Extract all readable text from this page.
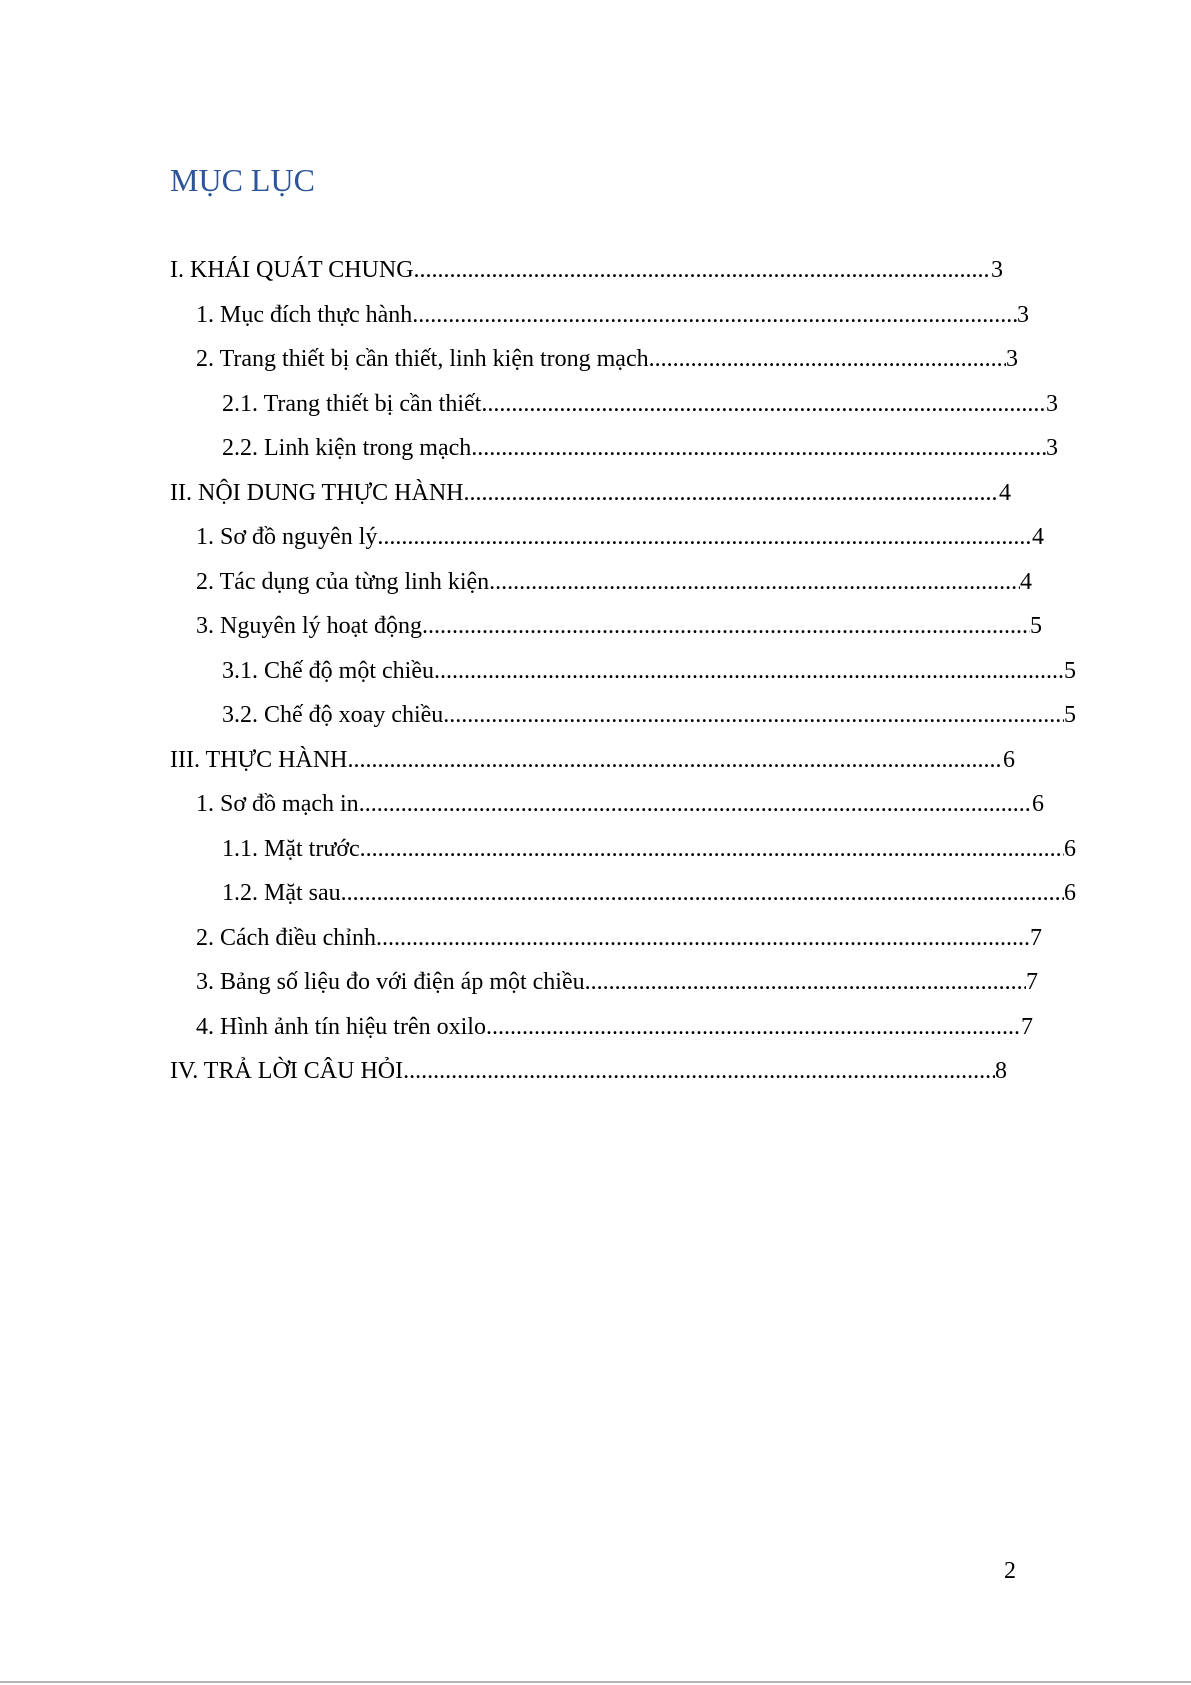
MỤC LỤC
I. KHÁI QUÁT CHUNG .....	3
1. Mục đích thực hành .....	3
2. Trang thiết bị cần thiết, linh kiện trong mạch .....	3
2.1. Trang thiết bị cần thiết .....	3
2.2. Linh kiện trong mạch .....	3
II. NỘI DUNG THỰC HÀNH .....	4
1. Sơ đồ nguyên lý .....	4
2. Tác dụng của từng linh kiện .....	4
3. Nguyên lý hoạt động .....	5
3.1. Chế độ một chiều .....	5
3.2. Chế độ xoay chiều .....	5
III. THỰC HÀNH .....	6
1. Sơ đồ mạch in .....	6
1.1. Mặt trước .....	6
1.2. Mặt sau .....	6
2. Cách điều chỉnh .....	7
3. Bảng số liệu đo với điện áp một chiều .....	7
4. Hình ảnh tín hiệu trên oxilo .....	7
IV. TRẢ LỜI CÂU HỎI .....	8
2
